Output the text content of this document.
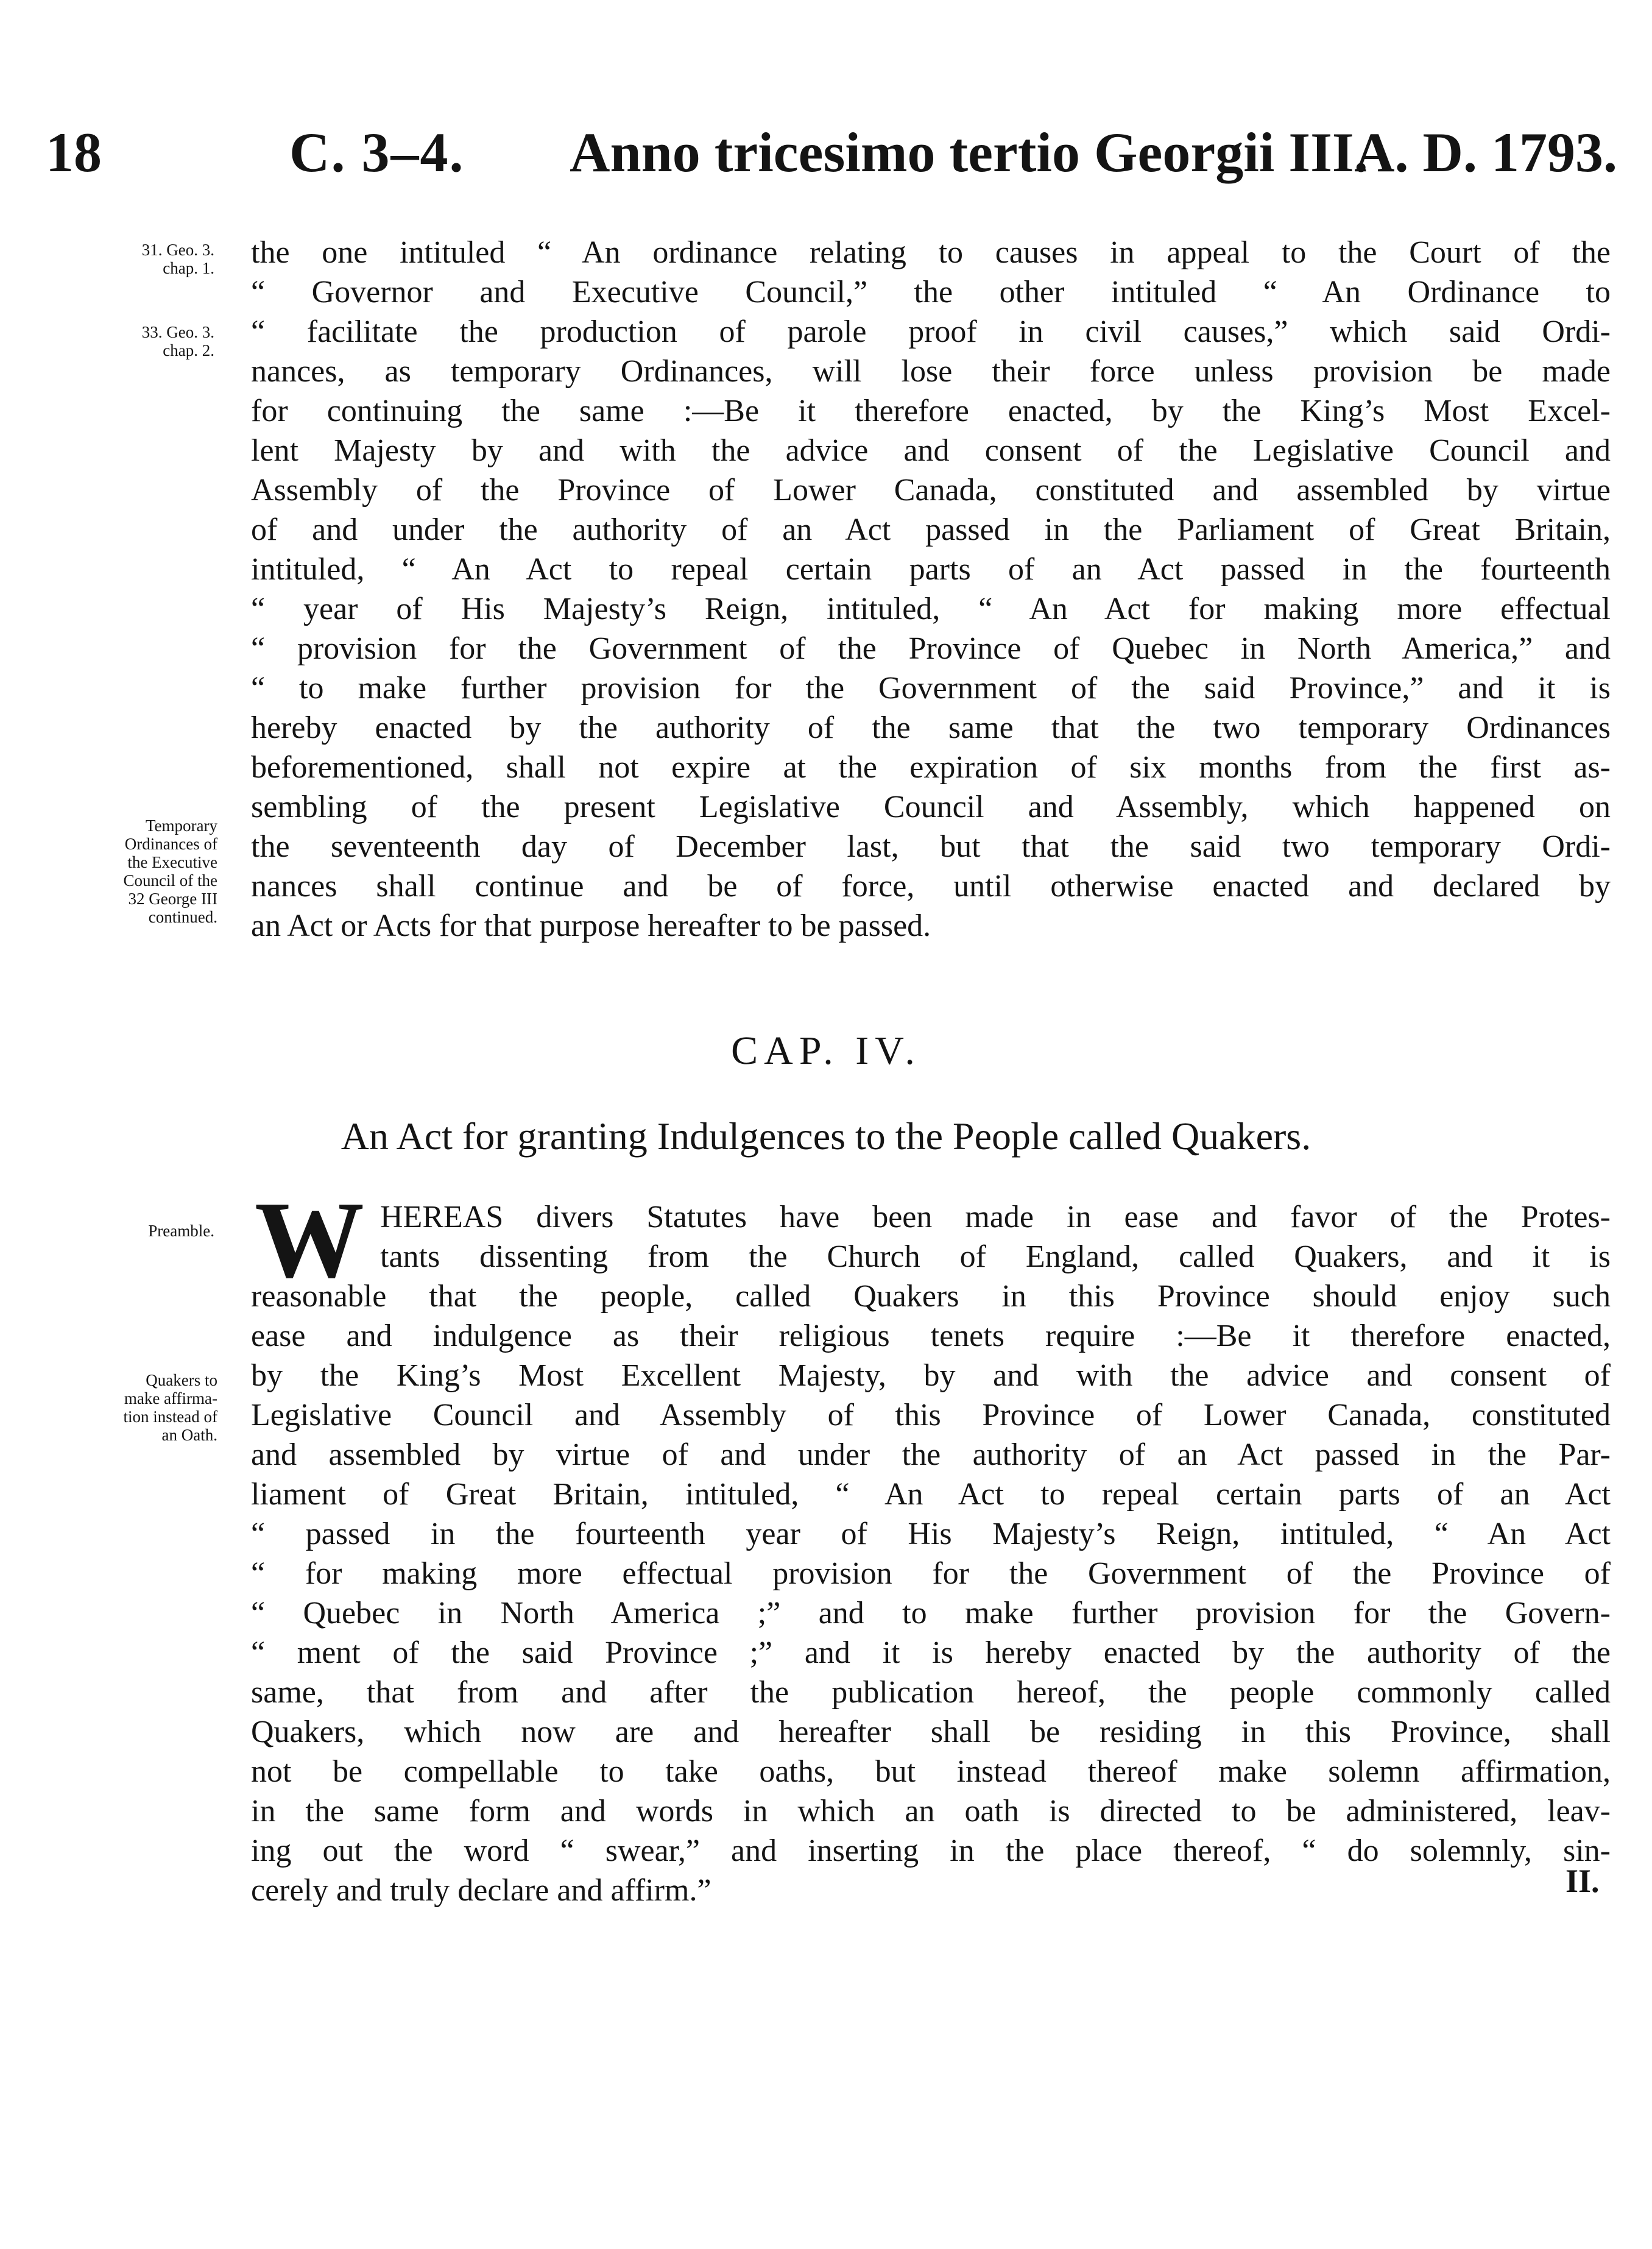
18	C. 3–4. Anno tricesimo tertio Georgii III.
A. D. 1793.
31. Geo. 3.
chap. 1.
33. Geo. 3.
chap. 2.
Temporary
Ordinances of
the Executive
Council of the
32 George III
continued.
Preamble.
Quakers to
make affirma-
tion instead of
an Oath.
the one intituled “ An ordinance relating to causes in appeal to the Court of the
“ Governor and Executive Council,” the other intituled “ An Ordinance to
“ facilitate the production of parole proof in civil causes,” which said Ordi-
nances, as temporary Ordinances, will lose their force unless provision be made
for continuing the same :—Be it therefore enacted, by the King’s Most Excel-
lent Majesty by and with the advice and consent of the Legislative Council and
Assembly of the Province of Lower Canada, constituted and assembled by virtue
of and under the authority of an Act passed in the Parliament of Great Britain,
intituled, “ An Act to repeal certain parts of an Act passed in the fourteenth
“ year of His Majesty’s Reign, intituled, “ An Act for making more effectual
“ provision for the Government of the Province of Quebec in North America,” and
“ to make further provision for the Government of the said Province,” and it is
hereby enacted by the authority of the same that the two temporary Ordinances
beforementioned, shall not expire at the expiration of six months from the first as-
sembling of the present Legislative Council and Assembly, which happened on
the seventeenth day of December last, but that the said two temporary Ordi-
nances shall continue and be of force, until otherwise enacted and declared by
an Act or Acts for that purpose hereafter to be passed.
CAP. IV.
An Act for granting Indulgences to the People called Quakers.
W HEREAS divers Statutes have been made in ease and favor of the Protes-
tants dissenting from the Church of England, called Quakers, and it is
reasonable that the people, called Quakers in this Province should enjoy such
ease and indulgence as their religious tenets require :—Be it therefore enacted,
by the King’s Most Excellent Majesty, by and with the advice and consent of
Legislative Council and Assembly of this Province of Lower Canada, constituted
and assembled by virtue of and under the authority of an Act passed in the Par-
liament of Great Britain, intituled, “ An Act to repeal certain parts of an Act
“ passed in the fourteenth year of His Majesty’s Reign, intituled, “ An Act
“ for making more effectual provision for the Government of the Province of
“ Quebec in North America ;” and to make further provision for the Govern-
“ ment of the said Province ;” and it is hereby enacted by the authority of the
same, that from and after the publication hereof, the people commonly called
Quakers, which now are and hereafter shall be residing in this Province, shall
not be compellable to take oaths, but instead thereof make solemn affirmation,
in the same form and words in which an oath is directed to be administered, leav-
ing out the word “ swear,” and inserting in the place thereof, “ do solemnly, sin-
cerely and truly declare and affirm.”	II.
